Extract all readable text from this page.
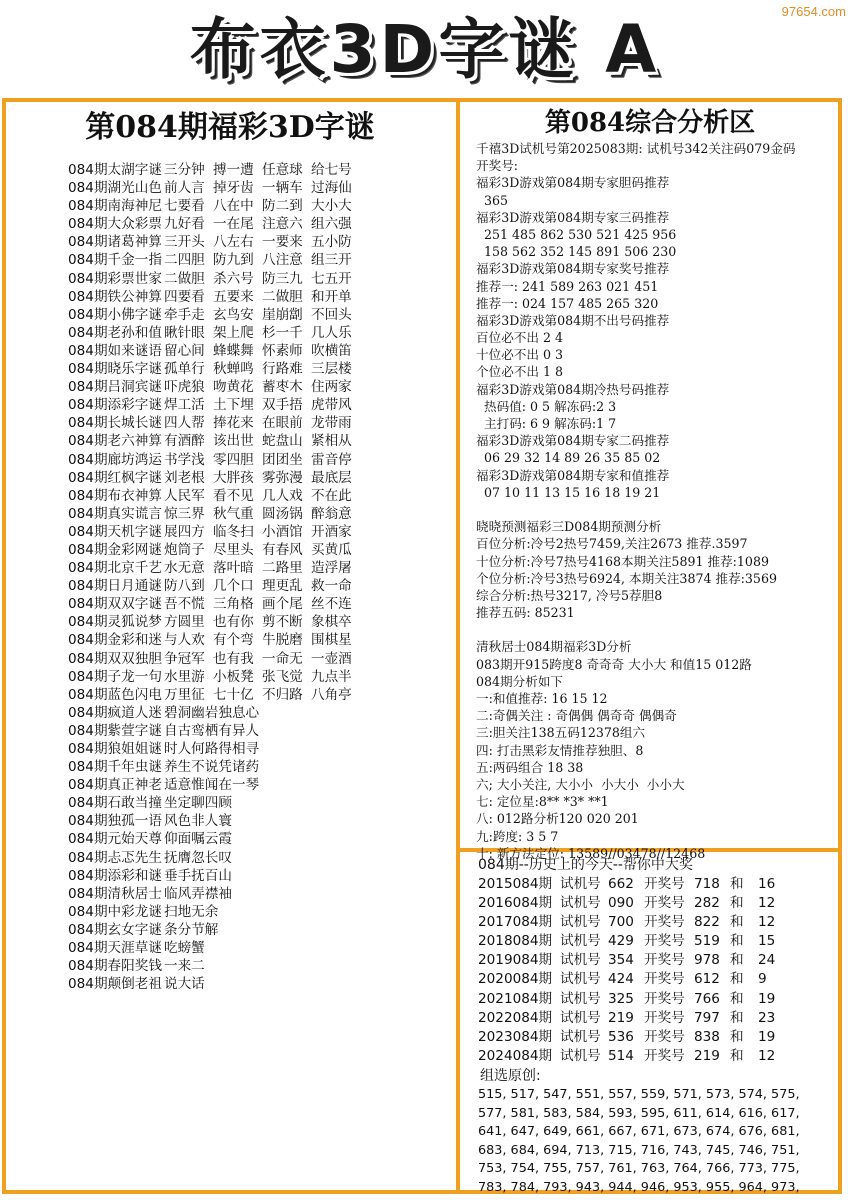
97654.com
布衣3D字谜 A
第084期福彩3D字谜
084期太湖字谜 三分钟 搏一遭 任意球 给七号
084期湖光山色 前人言 掉牙齿 一辆车 过海仙
084期南海神尼 七要看 八在中 防二到 大小大
084期大众彩票 九好看 一在尾 注意六 组六强
084期诸葛神算 三开头 八左右 一要来 五小防
084期千金一指 二四胆 防九到 八注意 组三开
084期彩票世家 二做胆 杀六号 防三九 七五开
084期铁公神算 四要看 五要来 二做胆 和开单
084期小佛字谜 牵手走 玄鸟安 崖崩劏 不回头
084期老孙和值 瞅针眼 架上爬 杉一千 几人乐
084期如来谜语 留心间 蜂蝶舞 怀素师 吹横笛
084期晓乐字谜 孤单行 秋蝉鸣 行路难 三层楼
084期吕洞宾谜 吓虎狼 吻黄花 蓄枣木 住两家
084期添彩字谜 焊工活 土下埋 双手捂 虎带风
084期长城长谜 四人帮 捧花来 在眼前 龙带雨
084期老六神算 有酒醉 该出世 蛇盘山 紧相从
084期廊坊鸿运 书学浅 零四胆 团团坐 雷音停
084期红枫字谜 刘老根 大胖孩 雾弥漫 最底层
084期布衣神算 人民军 看不见 几人戏 不在此
084期真实谎言 惊三界 秋气重 圆汤锅 醉翁意
084期天机字谜 展四方 临冬扫 小酒馆 开酒家
084期金彩网谜 炮筒子 尽里头 有春风 买黄瓜
084期北京千艺 水无意 落叶暗 二路里 造浮屠
084期日月通谜 防八到 几个口 理更乱 救一命
084期双双字谜 吾不慌 三角格 画个尾 丝不连
084期灵狐说梦 方圆里 也有你 剪不断 象棋卒
084期金彩和迷 与人欢 有个弯 牛脱磨 围棋星
084期双双独胆 争冠军 也有我 一命无 一壶酒
084期子龙一句 水里游 小板凳 张飞觉 九点半
084期蓝色闪电 万里征 七十亿 不归路 八角亭
084期疯道人迷 碧洞幽岩独息心
084期紫萱字谜 自古鸾栖有异人
084期狼姐姐谜 时人何路得相寻
084期千年虫谜 养生不说凭诸药
084期真正神老 适意惟闻在一琴
084期石敢当撞 坐定聊四顾
084期独孤一语 风色非人寰
084期元始天尊 仰面嘱云霞
084期忐忑先生 抚膺忽长叹
084期添彩和谜 垂手抚百山
084期清秋居士 临风弄襟袖
084期中彩龙谜 扫地无余
084期玄女字谜 条分节解
084期天涯草谜 吃螃蟹
084期春阳奖钱 一来二
084期颠倒老祖 说大话
第084综合分析区
千禧3D试机号第2025083期: 试机号342关注码079金码
开奖号:
福彩3D游戏第084期专家胆码推荐
365
福彩3D游戏第084期专家三码推荐
251 485 862 530 521 425 956
158 562 352 145 891 506 230
福彩3D游戏第084期专家奖号推荐
推荐一: 241 589 263 021 451
推荐一: 024 157 485 265 320
福彩3D游戏第084期不出号码推荐
百位必不出 2 4
十位必不出 0 3
个位必不出 1 8
福彩3D游戏第084期冷热号码推荐
热码值: 0 5 解冻码:2 3
主打码: 6 9 解冻码:1 7
福彩3D游戏第084期专家二码推荐
06 29 32 14 89 26 35 85 02
福彩3D游戏第084期专家和值推荐
07 10 11 13 15 16 18 19 21
晓晓预测福彩三D084期预测分析
百位分析:冷号2热号7459,关注2673 推荐.3597
十位分析:冷号7热号4168本期关注5891 推荐:1089
个位分析:冷号3热号6924, 本期关注3874 推荐:3569
综合分析:热号3217, 冷号5荐胆8
推荐五码: 85231
清秋居士084期福彩3D分析
083期开915跨度8 奇奇奇 大小大 和值15 012路
084期分析如下
一:和值推荐: 16 15 12
二:奇偶关注 : 奇偶偶 偶奇奇 偶偶奇
三:胆关注138五码12378组六
四: 打击黑彩友情推荐独胆、8
五:两码组合 18 38
六; 大小关注, 大小小  小大小  小小大
七: 定位星:8** *3* **1
八: 012路分析120 020 201
九:跨度: 3 5 7
十: 新方法定位: 13589//03478//12468
084期--历史上的今天--帮你中大奖
2015084期 试机号 662 开奖号 718 和	16
2016084期 试机号 090 开奖号 282 和	12
2017084期 试机号 700 开奖号 822 和	12
2018084期 试机号 429 开奖号 519 和	15
2019084期 试机号 354 开奖号 978 和	24
2020084期 试机号 424 开奖号 612 和	9
2021084期 试机号 325 开奖号 766 和	19
2022084期 试机号 219 开奖号 797 和	23
2023084期 试机号 536 开奖号 838 和	19
2024084期 试机号 514 开奖号 219 和	12
组选原创:
515, 517, 547, 551, 557, 559, 571, 573, 574, 575,
577, 581, 583, 584, 593, 595, 611, 614, 616, 617,
641, 647, 649, 661, 667, 671, 673, 674, 676, 681,
683, 684, 694, 713, 715, 716, 743, 745, 746, 751,
753, 754, 755, 757, 761, 763, 764, 766, 773, 775,
783, 784, 793, 943, 944, 946, 953, 955, 964, 973,
